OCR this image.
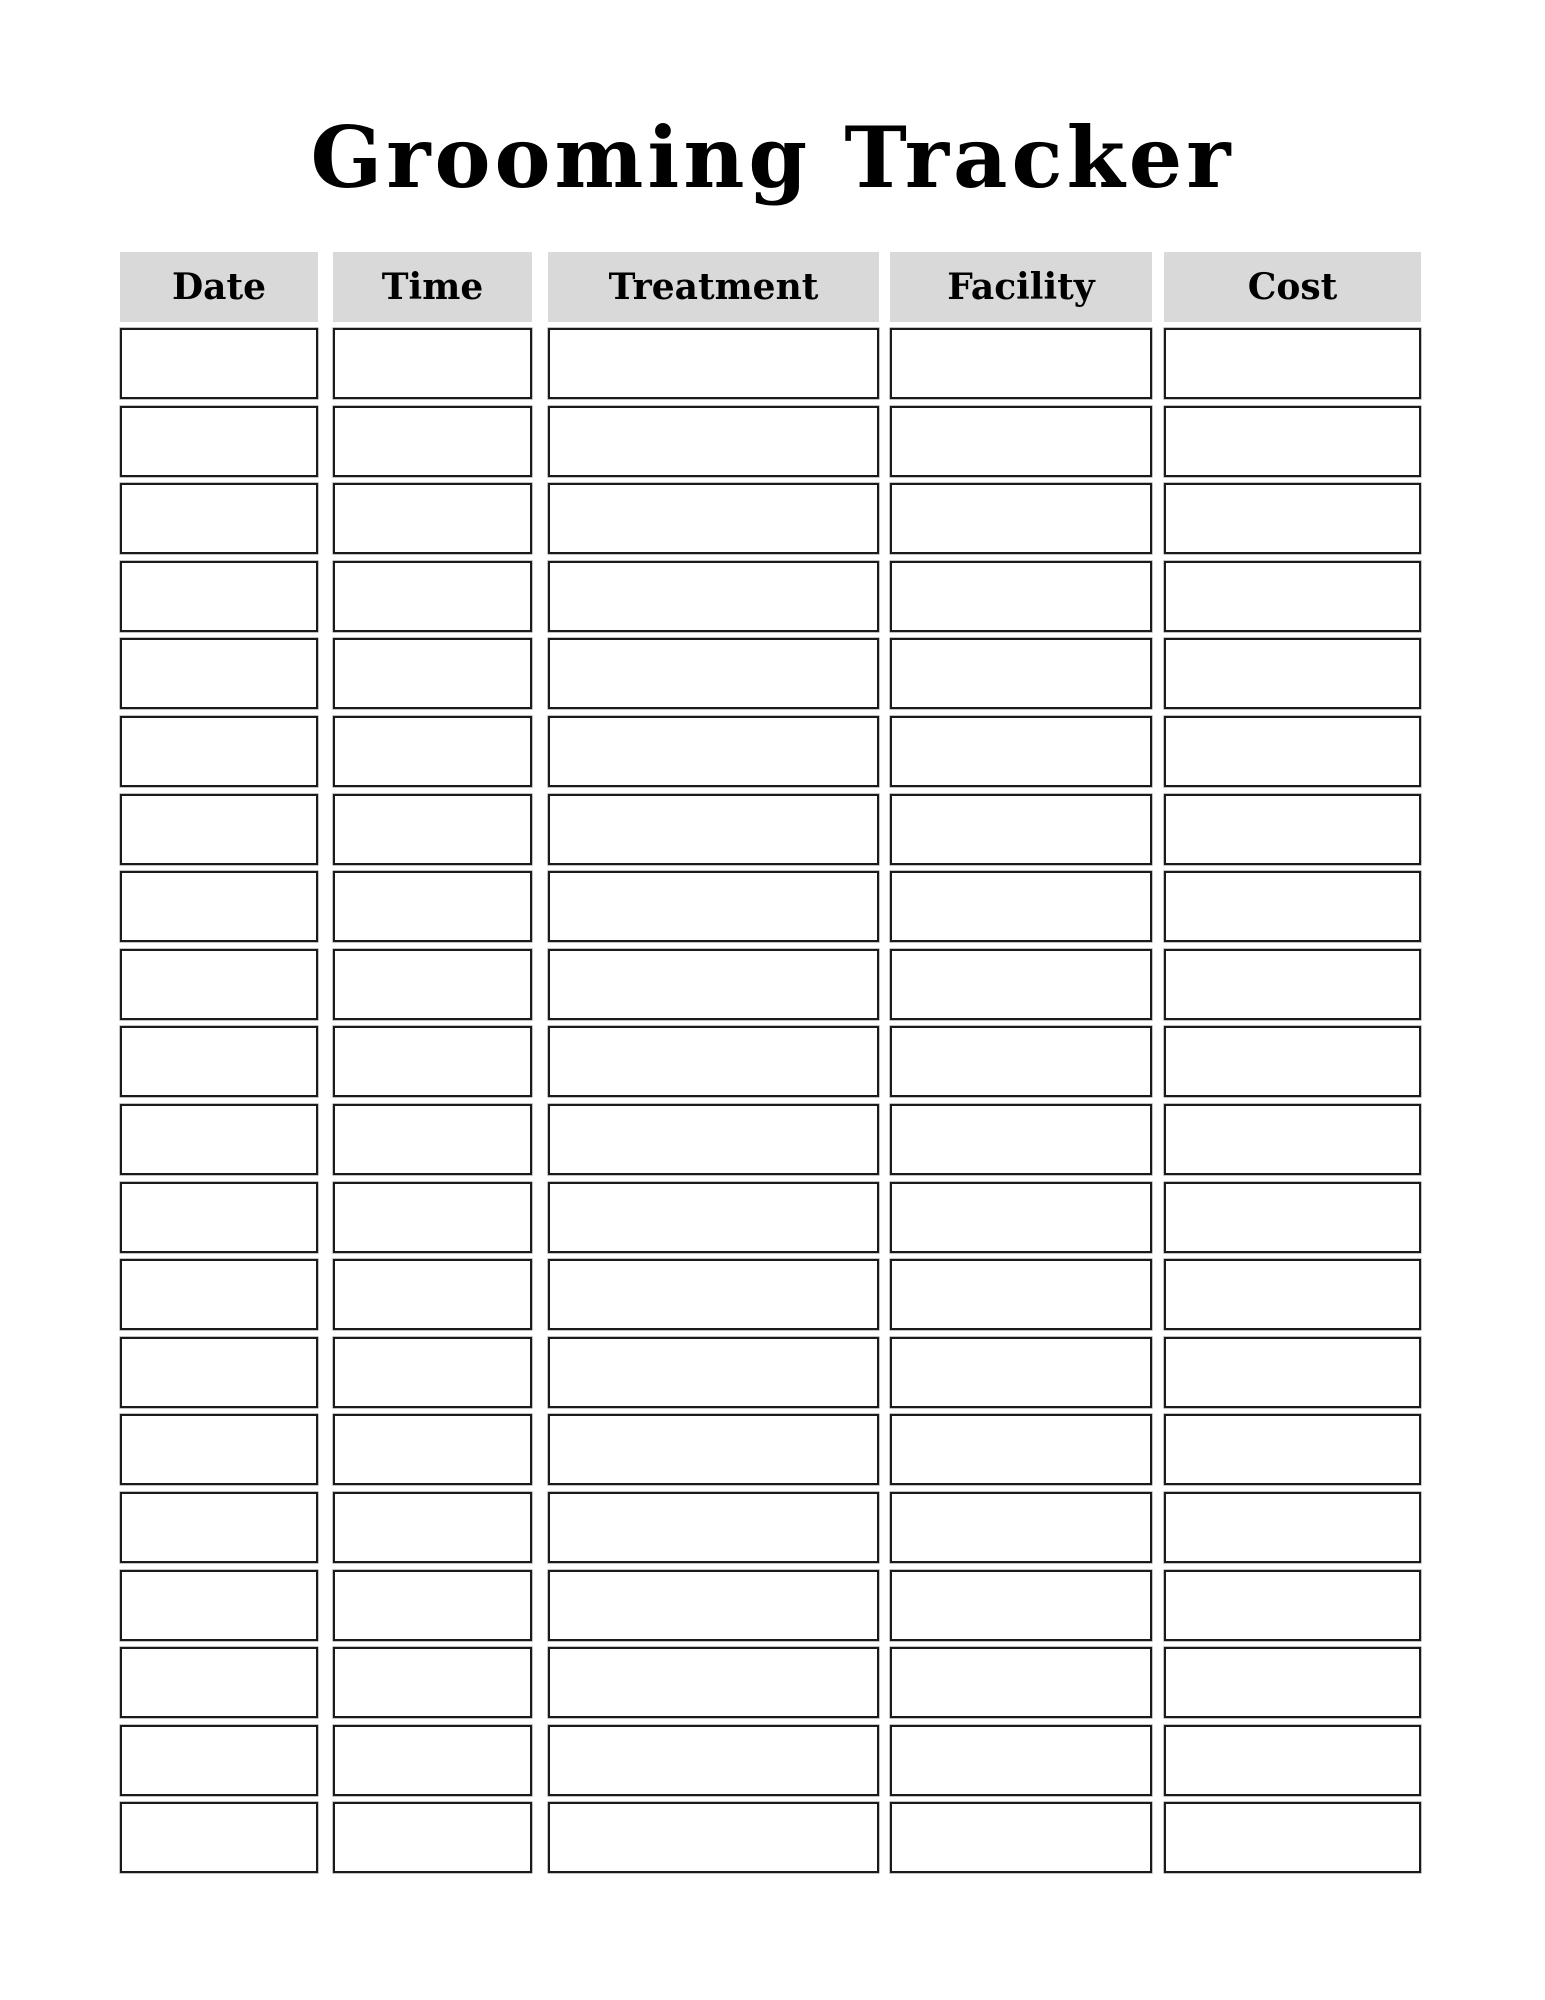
Grooming Tracker
Date	Time	Treatment	Facility	Cost
